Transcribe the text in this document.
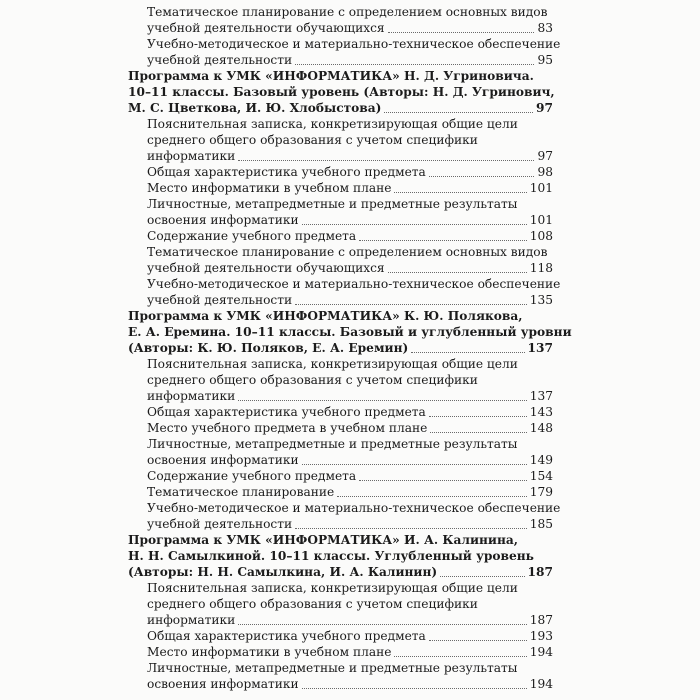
Тематическое планирование с определением основных видов
учебной деятельности обучающихся	83
Учебно-методическое и материально-техническое обеспечение
учебной деятельности	95
Программа к УМК «ИНФОРМАТИКА» Н. Д. Угриновича.
10–11 классы. Базовый уровень (Авторы: Н. Д. Угринович,
М. С. Цветкова, И. Ю. Хлобыстова)	97
Пояснительная записка, конкретизирующая общие цели
среднего общего образования с учетом специфики
информатики	97
Общая характеристика учебного предмета	98
Место информатики в учебном плане	101
Личностные, метапредметные и предметные результаты
освоения информатики	101
Содержание учебного предмета	108
Тематическое планирование с определением основных видов
учебной деятельности обучающихся	118
Учебно-методическое и материально-техническое обеспечение
учебной деятельности	135
Программа к УМК «ИНФОРМАТИКА» К. Ю. Полякова,
Е. А. Еремина. 10–11 классы. Базовый и углубленный уровни
(Авторы: К. Ю. Поляков, Е. А. Еремин)	137
Пояснительная записка, конкретизирующая общие цели
среднего общего образования с учетом специфики
информатики	137
Общая характеристика учебного предмета	143
Место учебного предмета в учебном плане	148
Личностные, метапредметные и предметные результаты
освоения информатики	149
Содержание учебного предмета	154
Тематическое планирование	179
Учебно-методическое и материально-техническое обеспечение
учебной деятельности	185
Программа к УМК «ИНФОРМАТИКА» И. А. Калинина,
Н. Н. Самылкиной. 10–11 классы. Углубленный уровень
(Авторы: Н. Н. Самылкина, И. А. Калинин)	187
Пояснительная записка, конкретизирующая общие цели
среднего общего образования с учетом специфики
информатики	187
Общая характеристика учебного предмета	193
Место информатики в учебном плане	194
Личностные, метапредметные и предметные результаты
освоения информатики	194
